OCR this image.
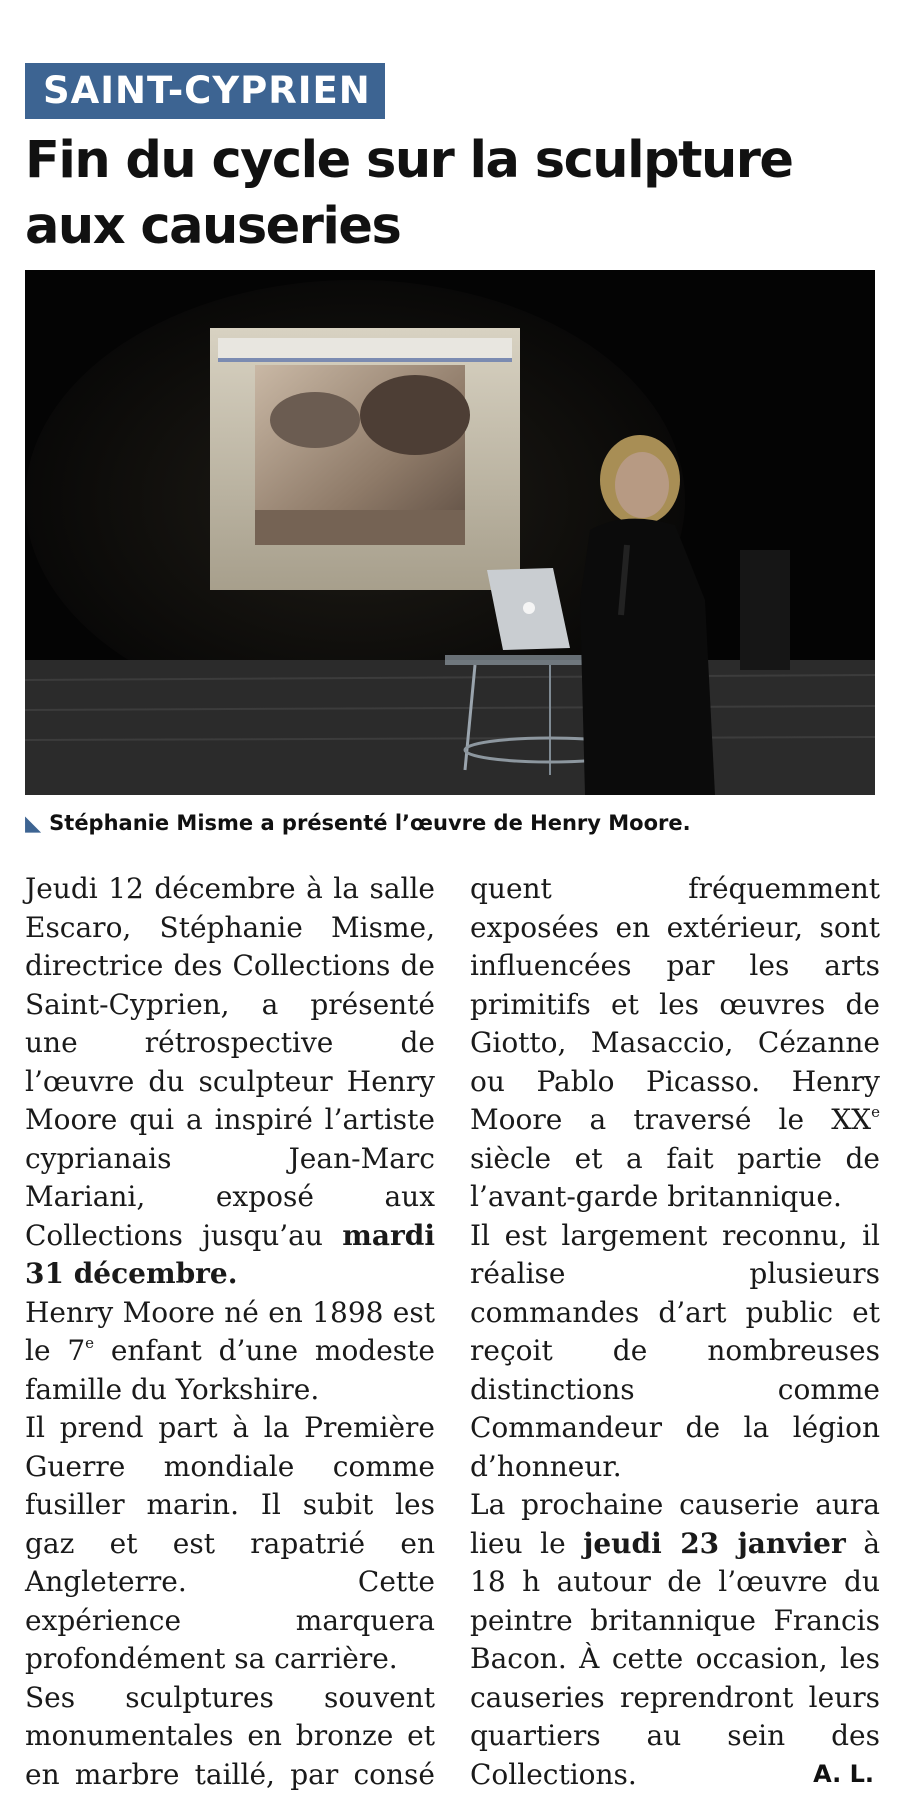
SAINT-CYPRIEN
Fin du cycle sur la sculpture aux causeries
◣ Stéphanie Misme a présenté l’œuvre de Henry Moore.

Jeudi 12 décembre à la salle Escaro, Stéphanie Misme, directrice des Collections de Saint-Cyprien, a présenté une rétrospective de l’œuvre du sculpteur Henry Moore qui a inspiré l’artiste cyprianais Jean-Marc Mariani, exposé aux Collections jusqu’au mardi 31 décembre.

Henry Moore né en 1898 est le 7e enfant d’une modeste famille du Yorkshire.

Il prend part à la Première Guerre mondiale comme fusiller marin. Il subit les gaz et est rapatrié en Angleterre. Cette expérience marquera profondément sa carrière.

Ses sculptures souvent monumentales en bronze et en marbre taillé, par consé

quent fréquemment exposées en extérieur, sont influencées par les arts primitifs et les œuvres de Giotto, Masaccio, Cézanne ou Pablo Picasso. Henry Moore a traversé le XXe siècle et a fait partie de l’avant-garde britannique.

Il est largement reconnu, il réalise plusieurs commandes d’art public et reçoit de nombreuses distinctions comme Commandeur de la légion d’honneur.

La prochaine causerie aura lieu le jeudi 23 janvier à 18 h autour de l’œuvre du peintre britannique Francis Bacon. À cette occasion, les causeries reprendront leurs quartiers au sein des Collections.	A. L.
